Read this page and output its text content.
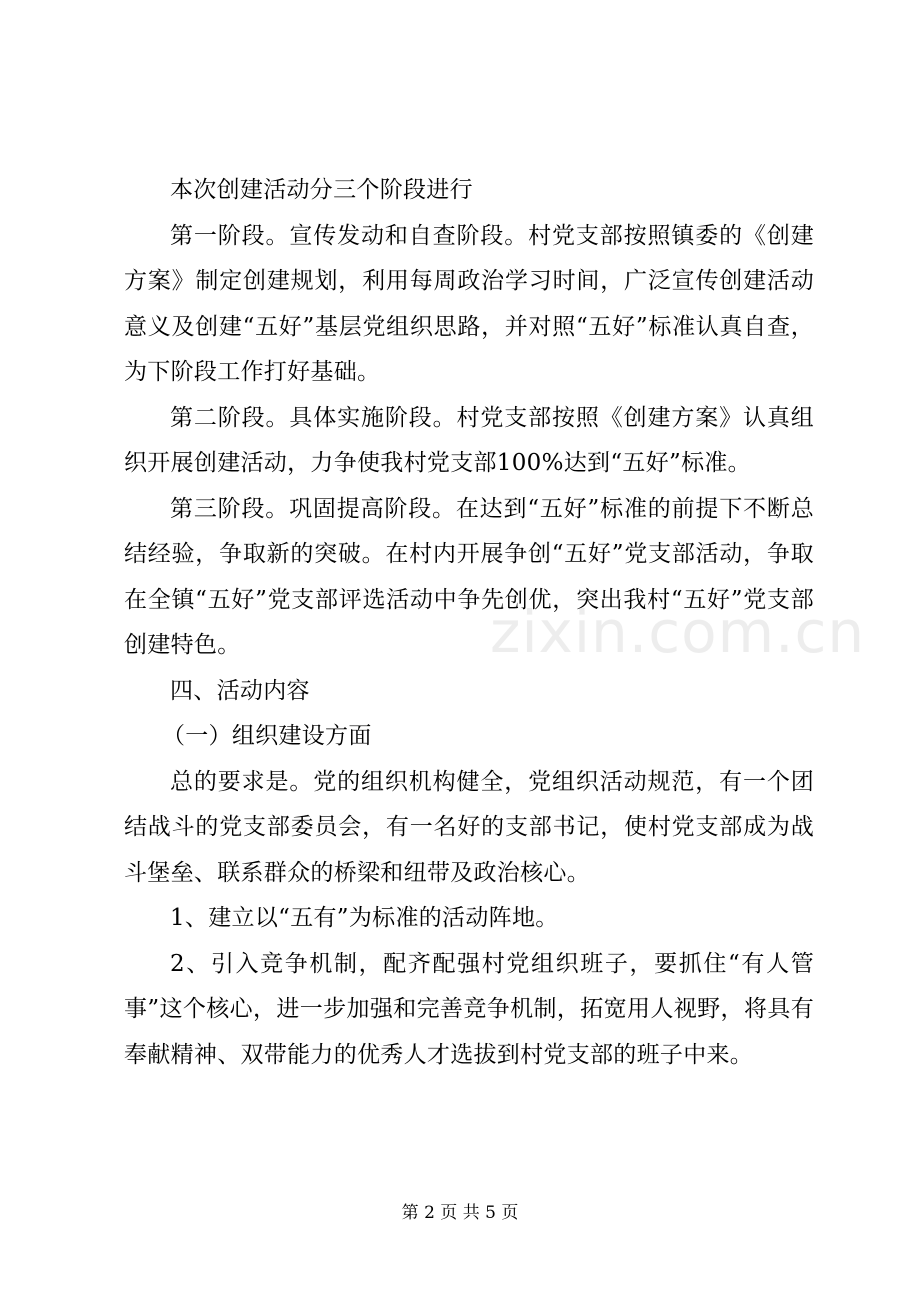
zixin.com.cn

本次创建活动分三个阶段进行

第一阶段。宣传发动和自查阶段。村党支部按照镇委的《创建方案》制定创建规划，利用每周政治学习时间，广泛宣传创建活动意义及创建“五好”基层党组织思路，并对照“五好”标准认真自查，为下阶段工作打好基础。

第二阶段。具体实施阶段。村党支部按照《创建方案》认真组织开展创建活动，力争使我村党支部100%达到“五好”标准。

第三阶段。巩固提高阶段。在达到“五好”标准的前提下不断总结经验，争取新的突破。在村内开展争创“五好”党支部活动，争取在全镇“五好”党支部评选活动中争先创优，突出我村“五好”党支部创建特色。

四、活动内容

（一）组织建设方面

总的要求是。党的组织机构健全，党组织活动规范，有一个团结战斗的党支部委员会，有一名好的支部书记，使村党支部成为战斗堡垒、联系群众的桥梁和纽带及政治核心。

1、建立以“五有”为标准的活动阵地。

2、引入竞争机制，配齐配强村党组织班子，要抓住“有人管事”这个核心，进一步加强和完善竞争机制，拓宽用人视野，将具有奉献精神、双带能力的优秀人才选拔到村党支部的班子中来。

第 2 页 共 5 页
